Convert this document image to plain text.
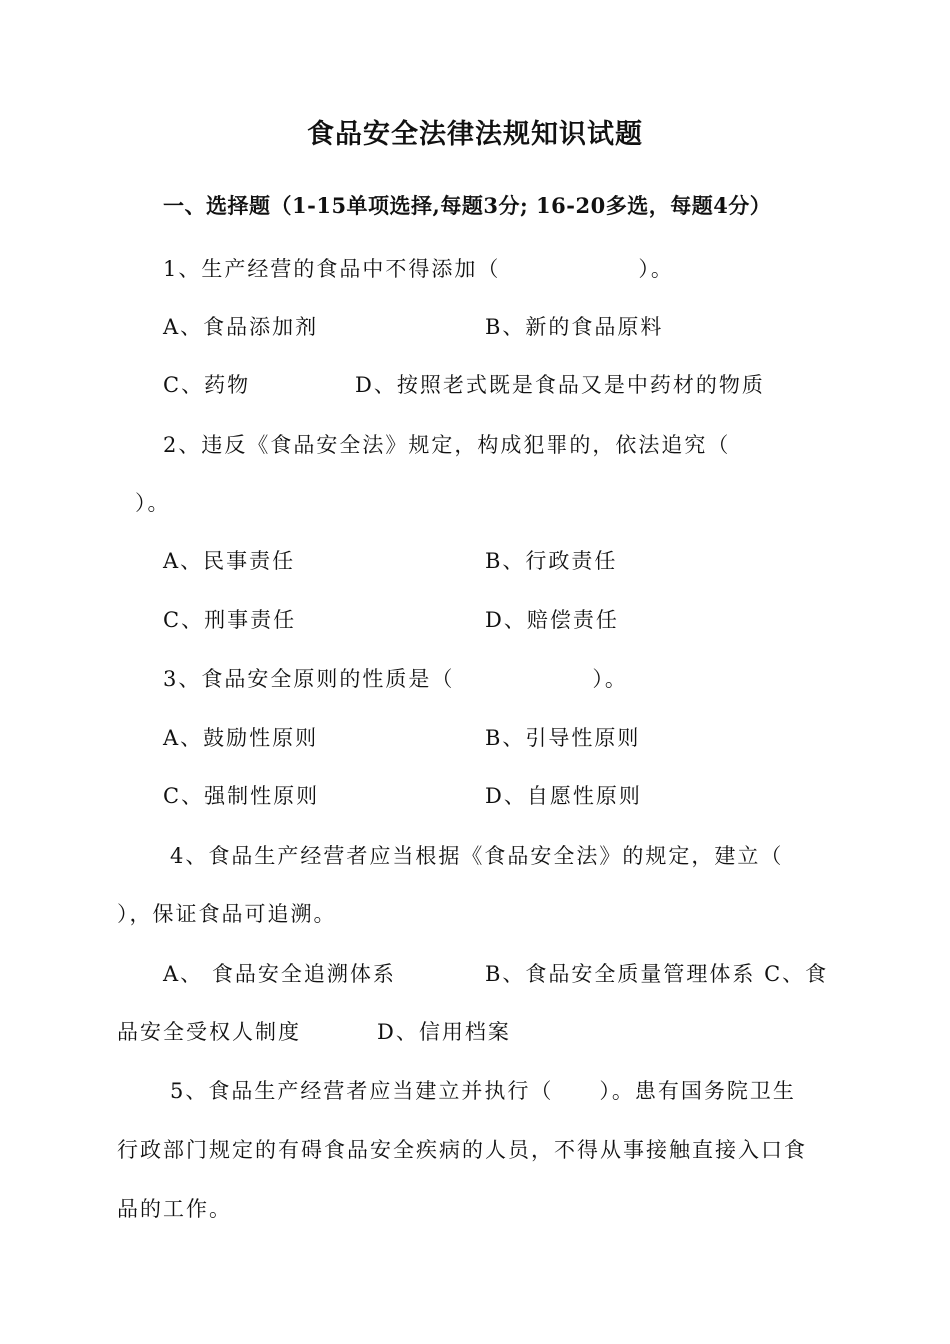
食品安全法律法规知识试题
一、选择题（1-15单项选择,每题3分; 16-20多选，每题4分）
1、生产经营的食品中不得添加（　　　　　　）。
A、食品添加剂	B、新的食品原料
C、药物	D、按照老式既是食品又是中药材的物质
2、违反《食品安全法》规定，构成犯罪的，依法追究（
）。
A、民事责任	B、行政责任
C、刑事责任	D、赔偿责任
3、食品安全原则的性质是（　　　　　　）。
A、鼓励性原则	B、引导性原则
C、强制性原则	D、自愿性原则
4、食品生产经营者应当根据《食品安全法》的规定，建立（
），保证食品可追溯。
A、 食品安全追溯体系	B、食品安全质量管理体系 C、食
品安全受权人制度	D、信用档案
5、食品生产经营者应当建立并执行（　　）。患有国务院卫生
行政部门规定的有碍食品安全疾病的人员，不得从事接触直接入口食
品的工作。
